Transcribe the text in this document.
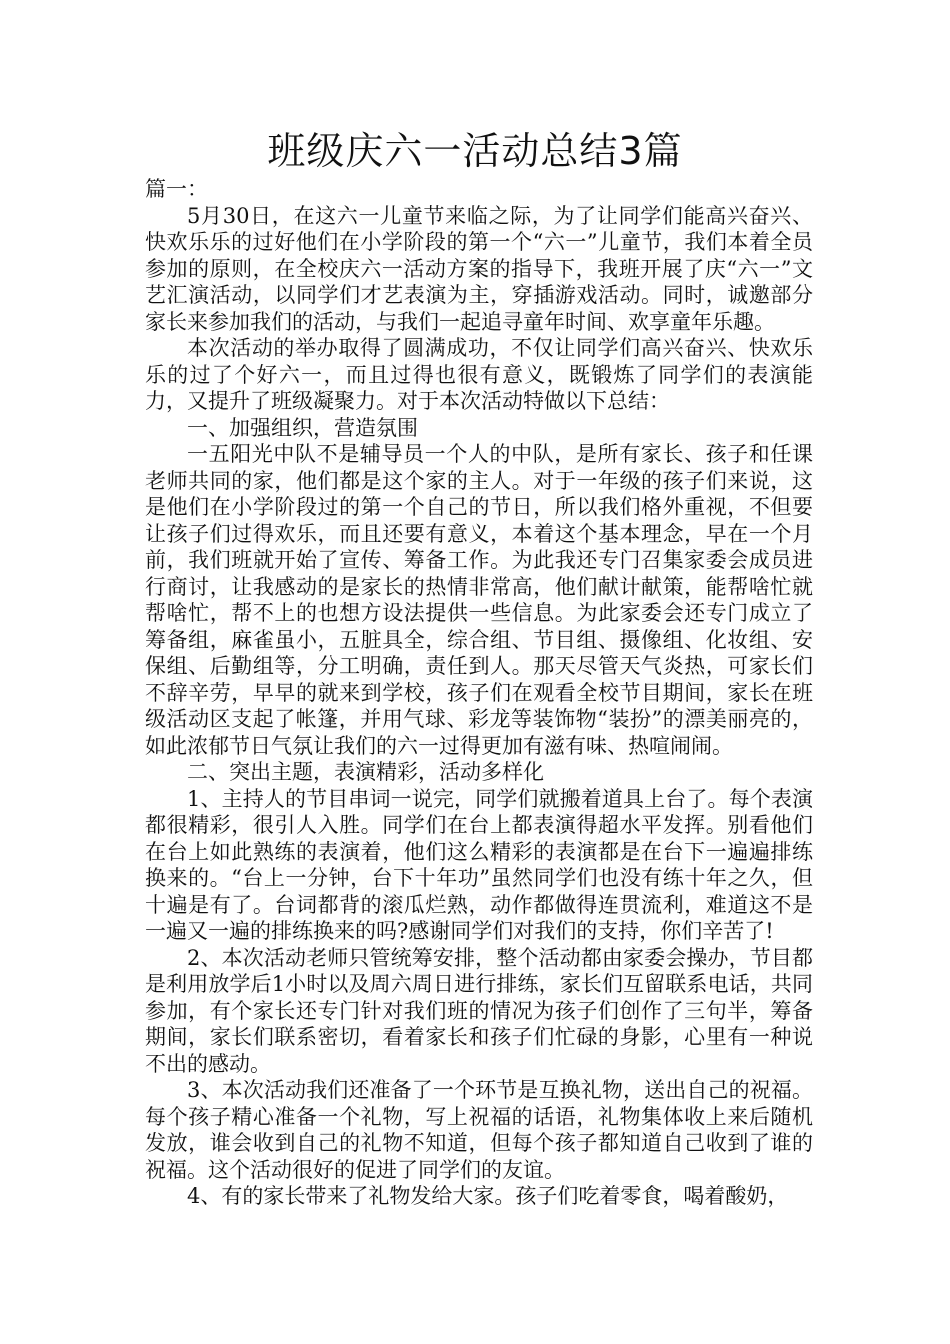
班级庆六一活动总结3篇

篇一：

5月30日，在这六一儿童节来临之际，为了让同学们能高兴奋兴、快欢乐乐的过好他们在小学阶段的第一个“六一”儿童节，我们本着全员参加的原则，在全校庆六一活动方案的指导下，我班开展了庆“六一”文艺汇演活动，以同学们才艺表演为主，穿插游戏活动。同时，诚邀部分家长来参加我们的活动，与我们一起追寻童年时间、欢享童年乐趣。

本次活动的举办取得了圆满成功，不仅让同学们高兴奋兴、快欢乐乐的过了个好六一，而且过得也很有意义，既锻炼了同学们的表演能力，又提升了班级凝聚力。对于本次活动特做以下总结：

一、加强组织，营造氛围

一五阳光中队不是辅导员一个人的中队，是所有家长、孩子和任课老师共同的家，他们都是这个家的主人。对于一年级的孩子们来说，这是他们在小学阶段过的第一个自己的节日，所以我们格外重视，不但要让孩子们过得欢乐，而且还要有意义，本着这个基本理念，早在一个月前，我们班就开始了宣传、筹备工作。为此我还专门召集家委会成员进行商讨，让我感动的是家长的热情非常高，他们献计献策，能帮啥忙就帮啥忙，帮不上的也想方设法提供一些信息。为此家委会还专门成立了筹备组，麻雀虽小，五脏具全，综合组、节目组、摄像组、化妆组、安保组、后勤组等，分工明确，责任到人。那天尽管天气炎热，可家长们不辞辛劳，早早的就来到学校，孩子们在观看全校节目期间，家长在班级活动区支起了帐篷，并用气球、彩龙等装饰物“装扮”的漂美丽亮的，如此浓郁节日气氛让我们的六一过得更加有滋有味、热喧闹闹。

二、突出主题，表演精彩，活动多样化

1、主持人的节目串词一说完，同学们就搬着道具上台了。每个表演都很精彩，很引人入胜。同学们在台上都表演得超水平发挥。别看他们在台上如此熟练的表演着，他们这么精彩的表演都是在台下一遍遍排练换来的。“台上一分钟，台下十年功”虽然同学们也没有练十年之久，但十遍是有了。台词都背的滚瓜烂熟，动作都做得连贯流利，难道这不是一遍又一遍的排练换来的吗?感谢同学们对我们的支持，你们辛苦了!

2、本次活动老师只管统筹安排，整个活动都由家委会操办，节目都是利用放学后1小时以及周六周日进行排练，家长们互留联系电话，共同参加，有个家长还专门针对我们班的情况为孩子们创作了三句半，筹备期间，家长们联系密切，看着家长和孩子们忙碌的身影，心里有一种说不出的感动。

3、本次活动我们还准备了一个环节是互换礼物，送出自己的祝福。每个孩子精心准备一个礼物，写上祝福的话语，礼物集体收上来后随机发放，谁会收到自己的礼物不知道，但每个孩子都知道自己收到了谁的祝福。这个活动很好的促进了同学们的友谊。

4、有的家长带来了礼物发给大家。孩子们吃着零食，喝着酸奶，
